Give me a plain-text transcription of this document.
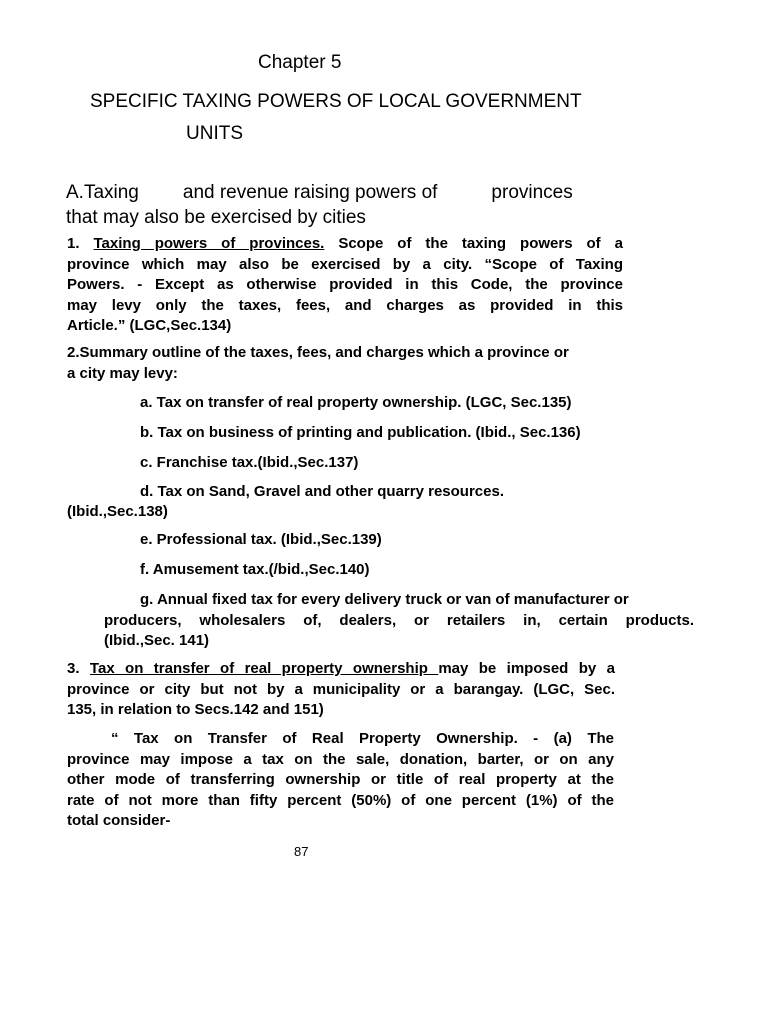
Chapter 5
SPECIFIC TAXING POWERS OF LOCAL GOVERNMENT
UNITS
A.Taxing and revenue raising powers of	provinces
that may also be exercised by cities
1. Taxing powers of provinces. Scope of the taxing powers of a
province which may also be exercised by a city. “Scope of Taxing
Powers. - Except as otherwise provided in this Code, the province
may levy only the taxes, fees, and charges as provided in this
Article.” (LGC,Sec.134)
2.Summary outline of the taxes, fees, and charges which a province or
a city may levy:
a. Tax on transfer of real property ownership. (LGC, Sec.135)
b. Tax on business of printing and publication. (Ibid., Sec.136)
c. Franchise tax.(Ibid.,Sec.137)
d. Tax on Sand, Gravel and other quarry resources.
(Ibid.,Sec.138)
e. Professional tax. (Ibid.,Sec.139)
f. Amusement tax.(/bid.,Sec.140)
g. Annual fixed tax for every delivery truck or van of manufacturer or
producers, wholesalers of, dealers, or retailers in, certain products.
(Ibid.,Sec. 141)
3. Tax on transfer of real property ownership may be imposed by a
province or city but not by a municipality or a barangay. (LGC, Sec.
135, in relation to Secs.142 and 151)
“ Tax on Transfer of Real Property Ownership. - (a) The
province may impose a tax on the sale, donation, barter, or on any
other mode of transferring ownership or title of real property at the
rate of not more than fifty percent (50%) of one percent (1%) of the
total consider-
87
